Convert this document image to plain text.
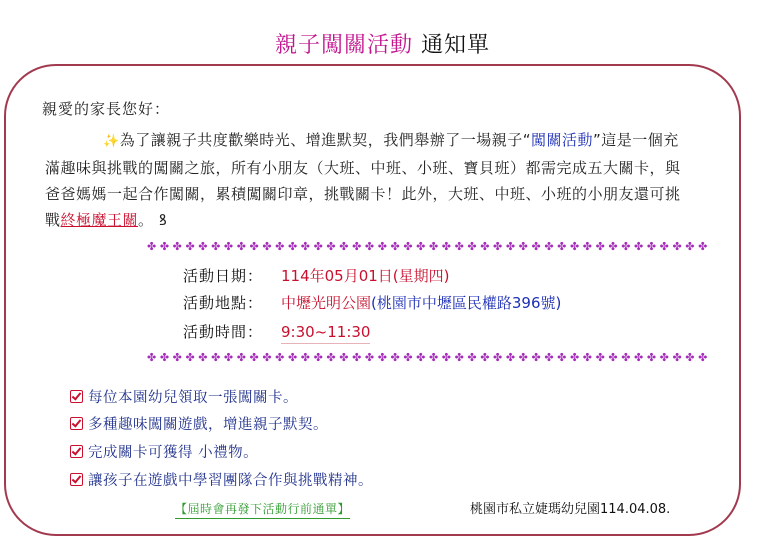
親子闖關活動 通知單
親愛的家長您好：
✨為了讓親子共度歡樂時光、增進默契，我們舉辦了一場親子“闖關活動”這是一個充滿趣味與挑戰的闖關之旅，所有小朋友（大班、中班、小班、寶貝班）都需完成五大關卡，與爸爸媽媽一起合作闖關，累積闖關印章，挑戰關卡！此外，大班、中班、小班的小朋友還可挑戰終極魔王關。 ꝸ
✤✤✤✤✤✤✤✤✤✤✤✤✤✤✤✤✤✤✤✤✤✤✤✤✤✤✤✤✤✤✤✤✤✤✤✤✤✤✤✤✤✤✤✤
活動日期： 114年05月01日(星期四)
活動地點： 中壢光明公園(桃園市中壢區民權路396號)
活動時間： 9:30~11:30
✤✤✤✤✤✤✤✤✤✤✤✤✤✤✤✤✤✤✤✤✤✤✤✤✤✤✤✤✤✤✤✤✤✤✤✤✤✤✤✤✤✤✤✤
每位本園幼兒領取一張闖關卡。
多種趣味闖關遊戲，增進親子默契。
完成關卡可獲得 小禮物。
讓孩子在遊戲中學習團隊合作與挑戰精神。
【屆時會再發下活動行前通單】	桃園市私立婕瑪幼兒園114.04.08.
